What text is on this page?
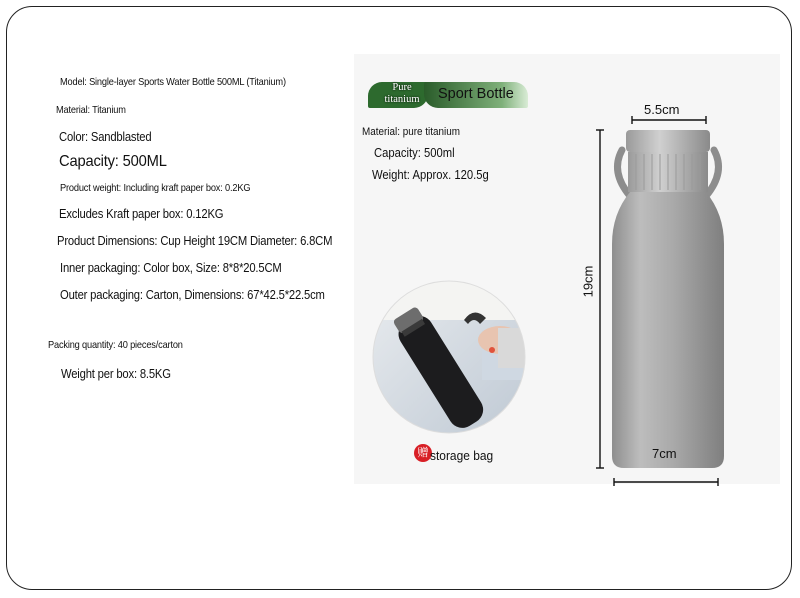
Model: Single-layer Sports Water Bottle 500ML (Titanium)
Material: Titanium
Color: Sandblasted
Capacity: 500ML
Product weight: Including kraft paper box: 0.2KG
Excludes Kraft paper box: 0.12KG
Product Dimensions: Cup Height 19CM Diameter: 6.8CM
Inner packaging: Color box, Size: 8*8*20.5CM
Outer packaging: Carton, Dimensions: 67*42.5*22.5cm
Packing quantity: 40 pieces/carton
Weight per box: 8.5KG
Pure
titanium	Sport Bottle
Material: pure titanium
Capacity: 500ml
Weight: Approx. 120.5g
赠 storage bag
5.5cm
19cm
7cm
